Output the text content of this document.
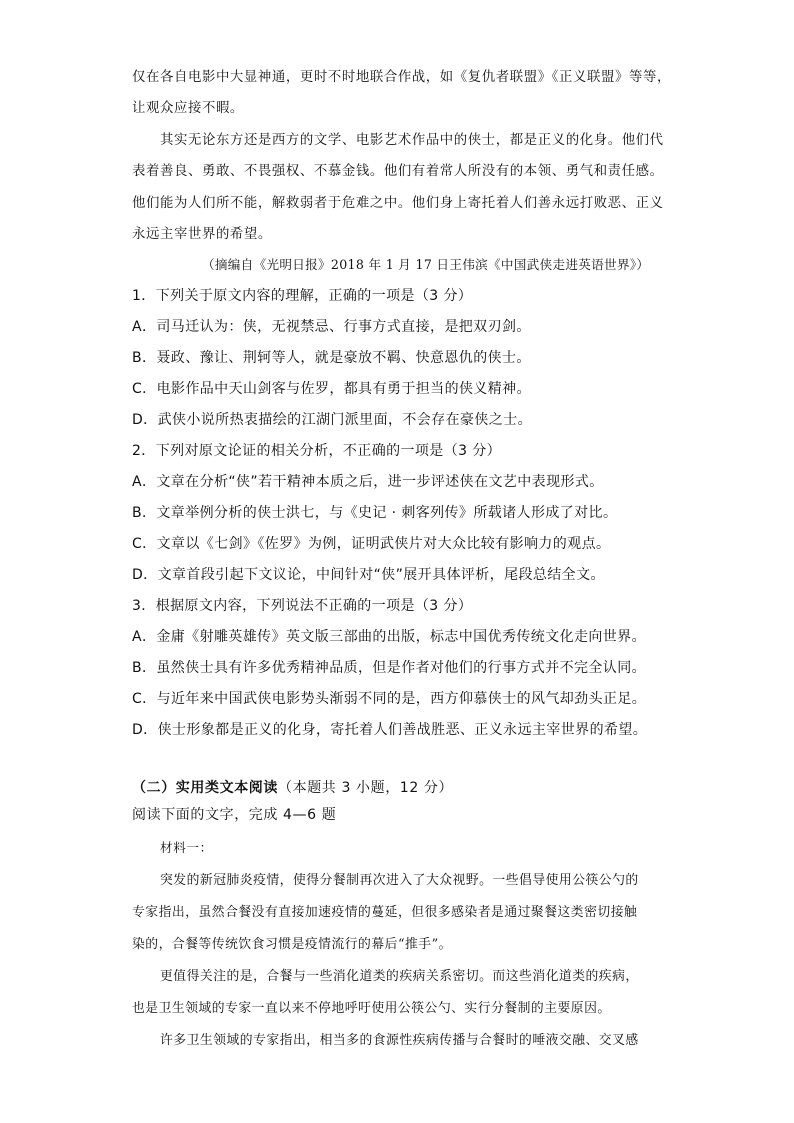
仅在各自电影中大显神通，更时不时地联合作战，如《复仇者联盟》《正义联盟》等等，
让观众应接不暇。
其实无论东方还是西方的文学、电影艺术作品中的侠士，都是正义的化身。他们代
表着善良、勇敢、不畏强权、不慕金钱。他们有着常人所没有的本领、勇气和责任感。
他们能为人们所不能，解救弱者于危难之中。他们身上寄托着人们善永远打败恶、正义
永远主宰世界的希望。
（摘编自《光明日报》2018 年 1 月 17 日王伟滨《中国武侠走进英语世界》）
1．下列关于原文内容的理解，正确的一项是（3 分）
A．司马迁认为：侠，无视禁忌、行事方式直接，是把双刃剑。
B．聂政、豫让、荆轲等人，就是豪放不羁、快意恩仇的侠士。
C．电影作品中天山剑客与佐罗，都具有勇于担当的侠义精神。
D．武侠小说所热衷描绘的江湖门派里面，不会存在豪侠之士。
2．下列对原文论证的相关分析，不正确的一项是（3 分）
A．文章在分析“侠”若干精神本质之后，进一步评述侠在文艺中表现形式。
B．文章举例分析的侠士洪七，与《史记 · 刺客列传》所载诸人形成了对比。
C．文章以《七剑》《佐罗》为例，证明武侠片对大众比较有影响力的观点。
D．文章首段引起下文议论，中间针对“侠”展开具体评析，尾段总结全文。
3．根据原文内容，下列说法不正确的一项是（3 分）
A．金庸《射雕英雄传》英文版三部曲的出版，标志中国优秀传统文化走向世界。
B．虽然侠士具有许多优秀精神品质，但是作者对他们的行事方式并不完全认同。
C．与近年来中国武侠电影势头渐弱不同的是，西方仰慕侠士的风气却劲头正足。
D．侠士形象都是正义的化身，寄托着人们善战胜恶、正义永远主宰世界的希望。
（二）实用类文本阅读（本题共 3 小题，12 分）
阅读下面的文字，完成 4—6 题
材料一：
突发的新冠肺炎疫情，使得分餐制再次进入了大众视野。一些倡导使用公筷公勺的
专家指出，虽然合餐没有直接加速疫情的蔓延，但很多感染者是通过聚餐这类密切接触
染的，合餐等传统饮食习惯是疫情流行的幕后“推手”。
更值得关注的是，合餐与一些消化道类的疾病关系密切。而这些消化道类的疾病，
也是卫生领域的专家一直以来不停地呼吁使用公筷公勺、实行分餐制的主要原因。
许多卫生领域的专家指出，相当多的食源性疾病传播与合餐时的唾液交融、交叉感
